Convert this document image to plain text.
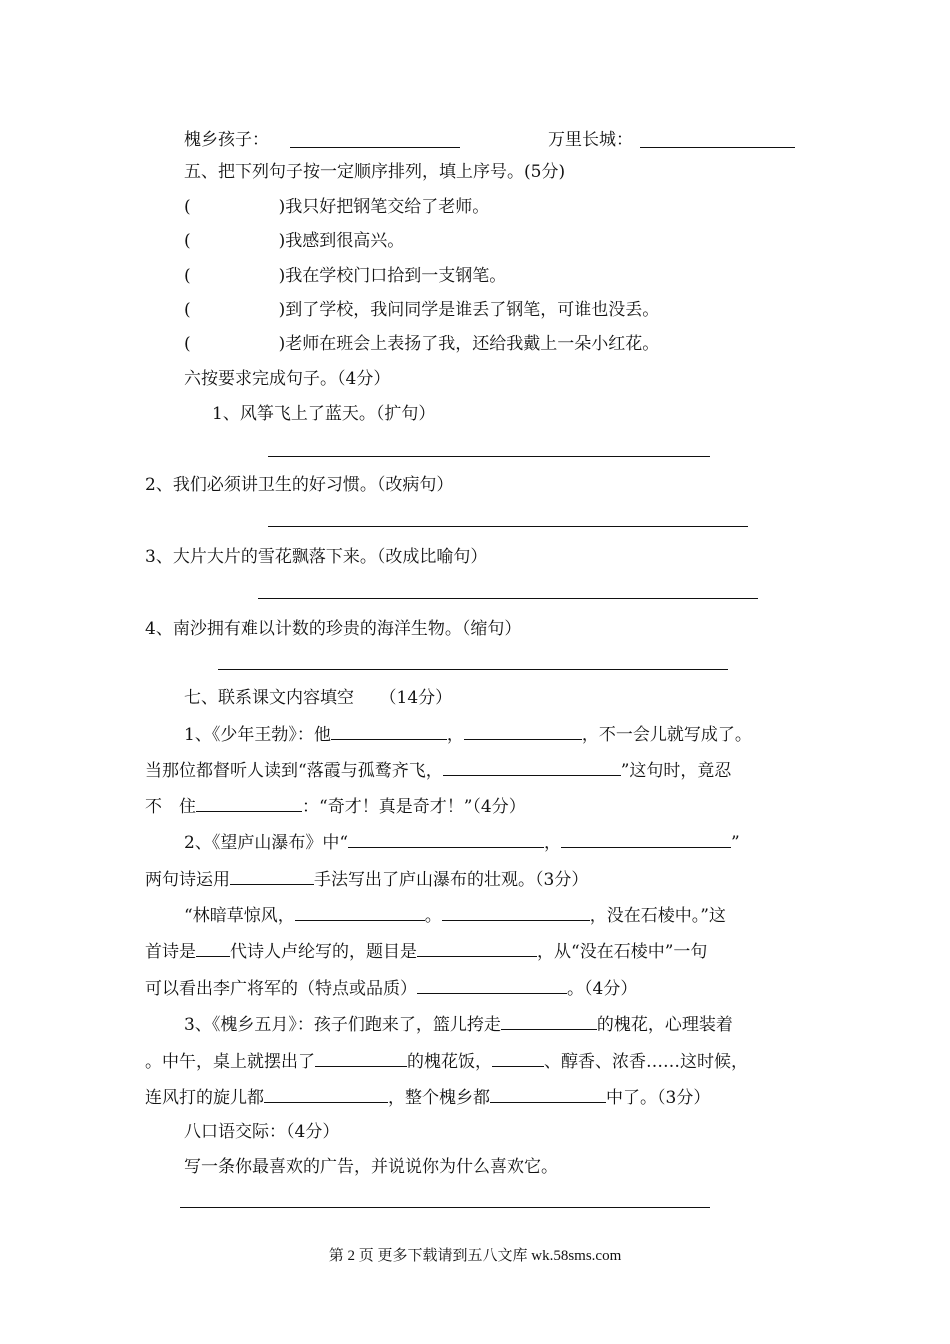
槐乡孩子：	万里长城：
五、把下列句子按一定顺序排列，填上序号。(5分)
(	)我只好把钢笔交给了老师。
(	)我感到很高兴。
(	)我在学校门口拾到一支钢笔。
(	)到了学校，我问同学是谁丢了钢笔，可谁也没丢。
(	)老师在班会上表扬了我，还给我戴上一朵小红花。
六按要求完成句子。（4分）
1、风筝飞上了蓝天。（扩句）
2、我们必须讲卫生的好习惯。（改病句）
3、大片大片的雪花飘落下来。（改成比喻句）
4、南沙拥有难以计数的珍贵的海洋生物。（缩句）
七、联系课文内容填空　　（14分）
1、《少年王勃》：他	，	，不一会儿就写成了。
当那位都督听人读到“落霞与孤鹜齐飞，	”这句时，竟忍
不　住	：“奇才！真是奇才！”（4分）
2、《望庐山瀑布》中“	，	”
两句诗运用	手法写出了庐山瀑布的壮观。（3分）
“林暗草惊风，	。	，没在石棱中。”这
首诗是 代诗人卢纶写的，题目是	，从“没在石棱中”一句
可以看出李广将军的（特点或品质）	。（4分）
3、《槐乡五月》：孩子们跑来了，篮儿挎走	的槐花，心理装着
。中午，桌上就摆出了	的槐花饭，	、醇香、浓香……这时候，
连风打的旋儿都	，整个槐乡都	中了。（3分）
八口语交际：（4分）
写一条你最喜欢的广告，并说说你为什么喜欢它。
第 2 页 更多下载请到五八文库 wk.58sms.com
